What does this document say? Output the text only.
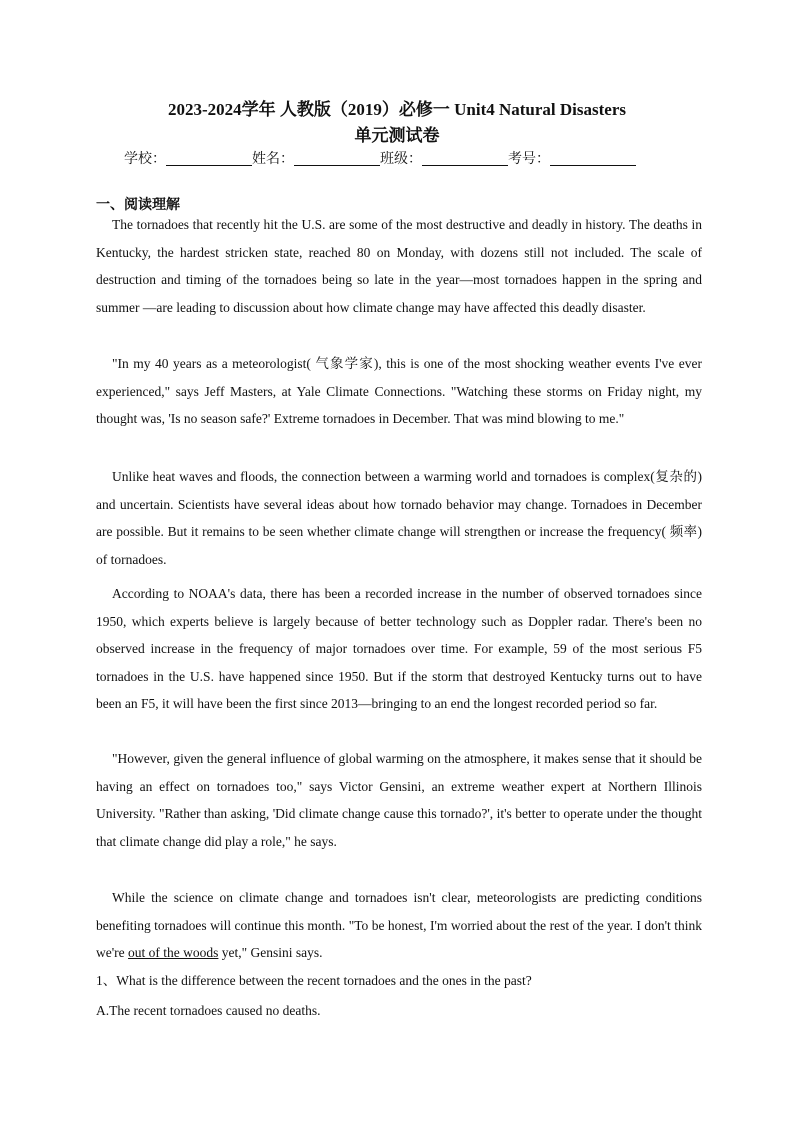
2023-2024学年 人教版（2019）必修一 Unit4 Natural Disasters
单元测试卷
学校：	姓名：	班级：	考号：
一、阅读理解

The tornadoes that recently hit the U.S. are some of the most destructive and deadly in history. The deaths in Kentucky, the hardest stricken state, reached 80 on Monday, with dozens still not included. The scale of destruction and timing of the tornadoes being so late in the year—most tornadoes happen in the spring and summer —are leading to discussion about how climate change may have affected this deadly disaster.

"In my 40 years as a meteorologist( 气象学家), this is one of the most shocking weather events I've ever experienced," says Jeff Masters, at Yale Climate Connections. "Watching these storms on Friday night, my thought was, 'Is no season safe?' Extreme tornadoes in December. That was mind blowing to me."

Unlike heat waves and floods, the connection between a warming world and tornadoes is complex(复杂的) and uncertain. Scientists have several ideas about how tornado behavior may change. Tornadoes in December are possible. But it remains to be seen whether climate change will strengthen or increase the frequency( 频率) of tornadoes.

According to NOAA's data, there has been a recorded increase in the number of observed tornadoes since 1950, which experts believe is largely because of better technology such as Doppler radar. There's been no observed increase in the frequency of major tornadoes over time. For example, 59 of the most serious F5 tornadoes in the U.S. have happened since 1950. But if the storm that destroyed Kentucky turns out to have been an F5, it will have been the first since 2013—bringing to an end the longest recorded period so far.

"However, given the general influence of global warming on the atmosphere, it makes sense that it should be having an effect on tornadoes too," says Victor Gensini, an extreme weather expert at Northern Illinois University. "Rather than asking, 'Did climate change cause this tornado?', it's better to operate under the thought that climate change did play a role," he says.

While the science on climate change and tornadoes isn't clear, meteorologists are predicting conditions benefiting tornadoes will continue this month. "To be honest, I'm worried about the rest of the year. I don't think we're out of the woods yet," Gensini says.

1、What is the difference between the recent tornadoes and the ones in the past?
A.The recent tornadoes caused no deaths.
